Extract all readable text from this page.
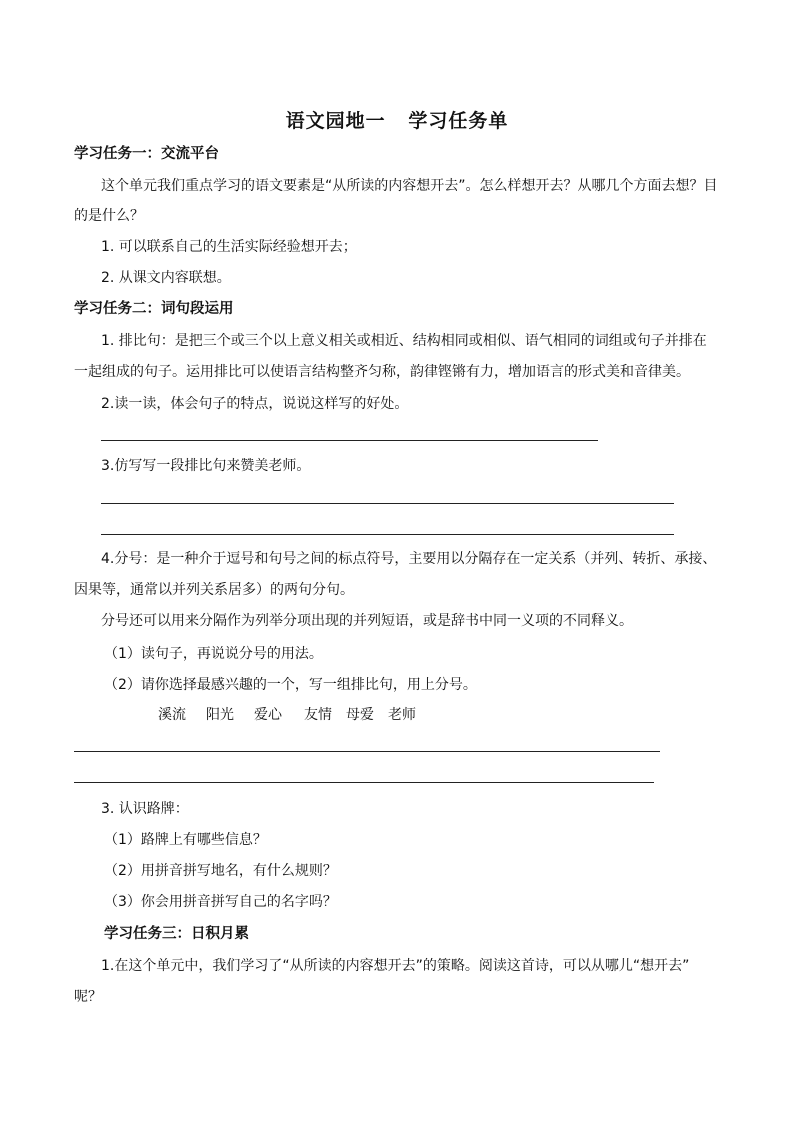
语文园地一   学习任务单
学习任务一：交流平台
这个单元我们重点学习的语文要素是“从所读的内容想开去”。怎么样想开去？从哪几个方面去想？目
的是什么？
1. 可以联系自己的生活实际经验想开去；
2. 从课文内容联想。
学习任务二：词句段运用
1. 排比句：是把三个或三个以上意义相关或相近、结构相同或相似、语气相同的词组或句子并排在
一起组成的句子。运用排比可以使语言结构整齐匀称，韵律铿锵有力，增加语言的形式美和音律美。
2.读一读，体会句子的特点，说说这样写的好处。
3.仿写写一段排比句来赞美老师。
4.分号：是一种介于逗号和句号之间的标点符号，主要用以分隔存在一定关系（并列、转折、承接、
因果等，通常以并列关系居多）的两句分句。
分号还可以用来分隔作为列举分项出现的并列短语，或是辞书中同一义项的不同释义。
（1）读句子，再说说分号的用法。
（2）请你选择最感兴趣的一个，写一组排比句，用上分号。
溪流 阳光 爱心 友情 母爱 老师
3. 认识路牌：
（1）路牌上有哪些信息？
（2）用拼音拼写地名，有什么规则？
（3）你会用拼音拼写自己的名字吗？
学习任务三：日积月累
1.在这个单元中，我们学习了“从所读的内容想开去”的策略。阅读这首诗，可以从哪儿“想开去”
呢？
